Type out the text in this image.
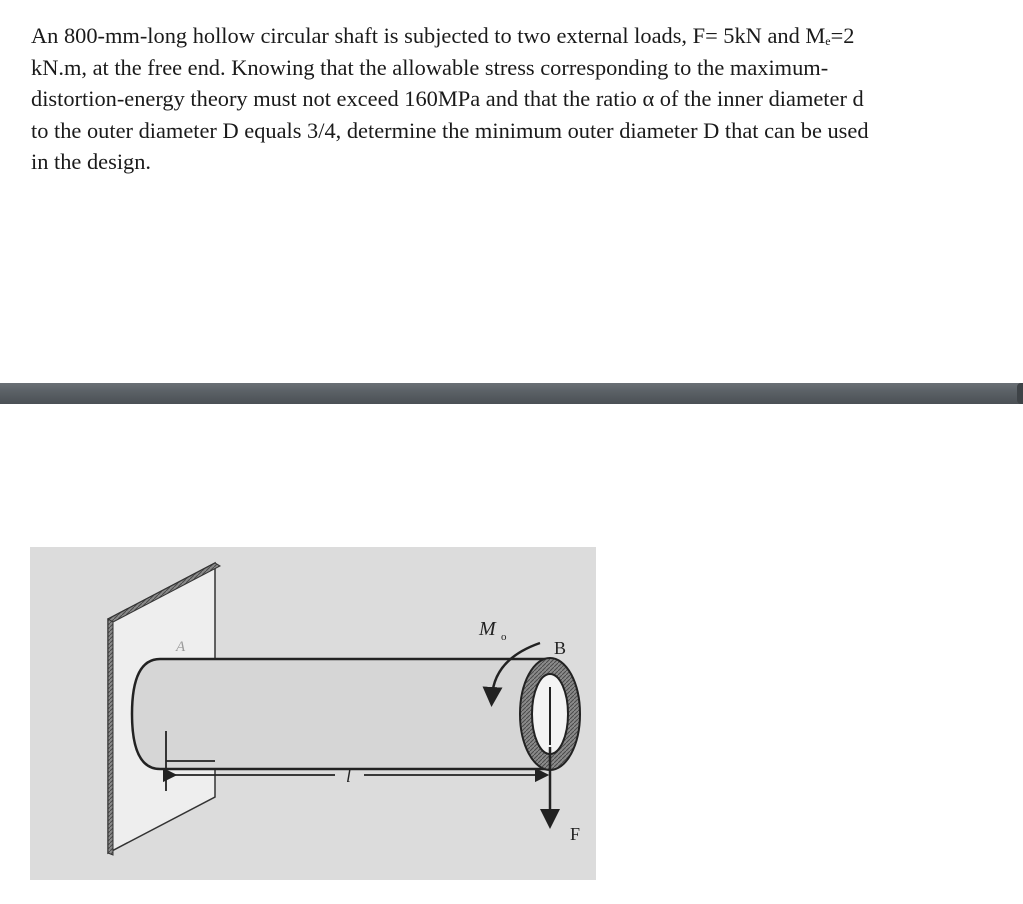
An 800-mm-long hollow circular shaft is subjected to two external loads, F= 5kN and $M_e=2$
kN.m, at the free end. Knowing that the allowable stress corresponding to the maximum-
distortion-energy theory must not exceed 160MPa and that the ratio α of the inner diameter d
to the outer diameter D equals 3/4, determine the minimum outer diameter D that can be used
in the design.
A
M o
B
l
F
